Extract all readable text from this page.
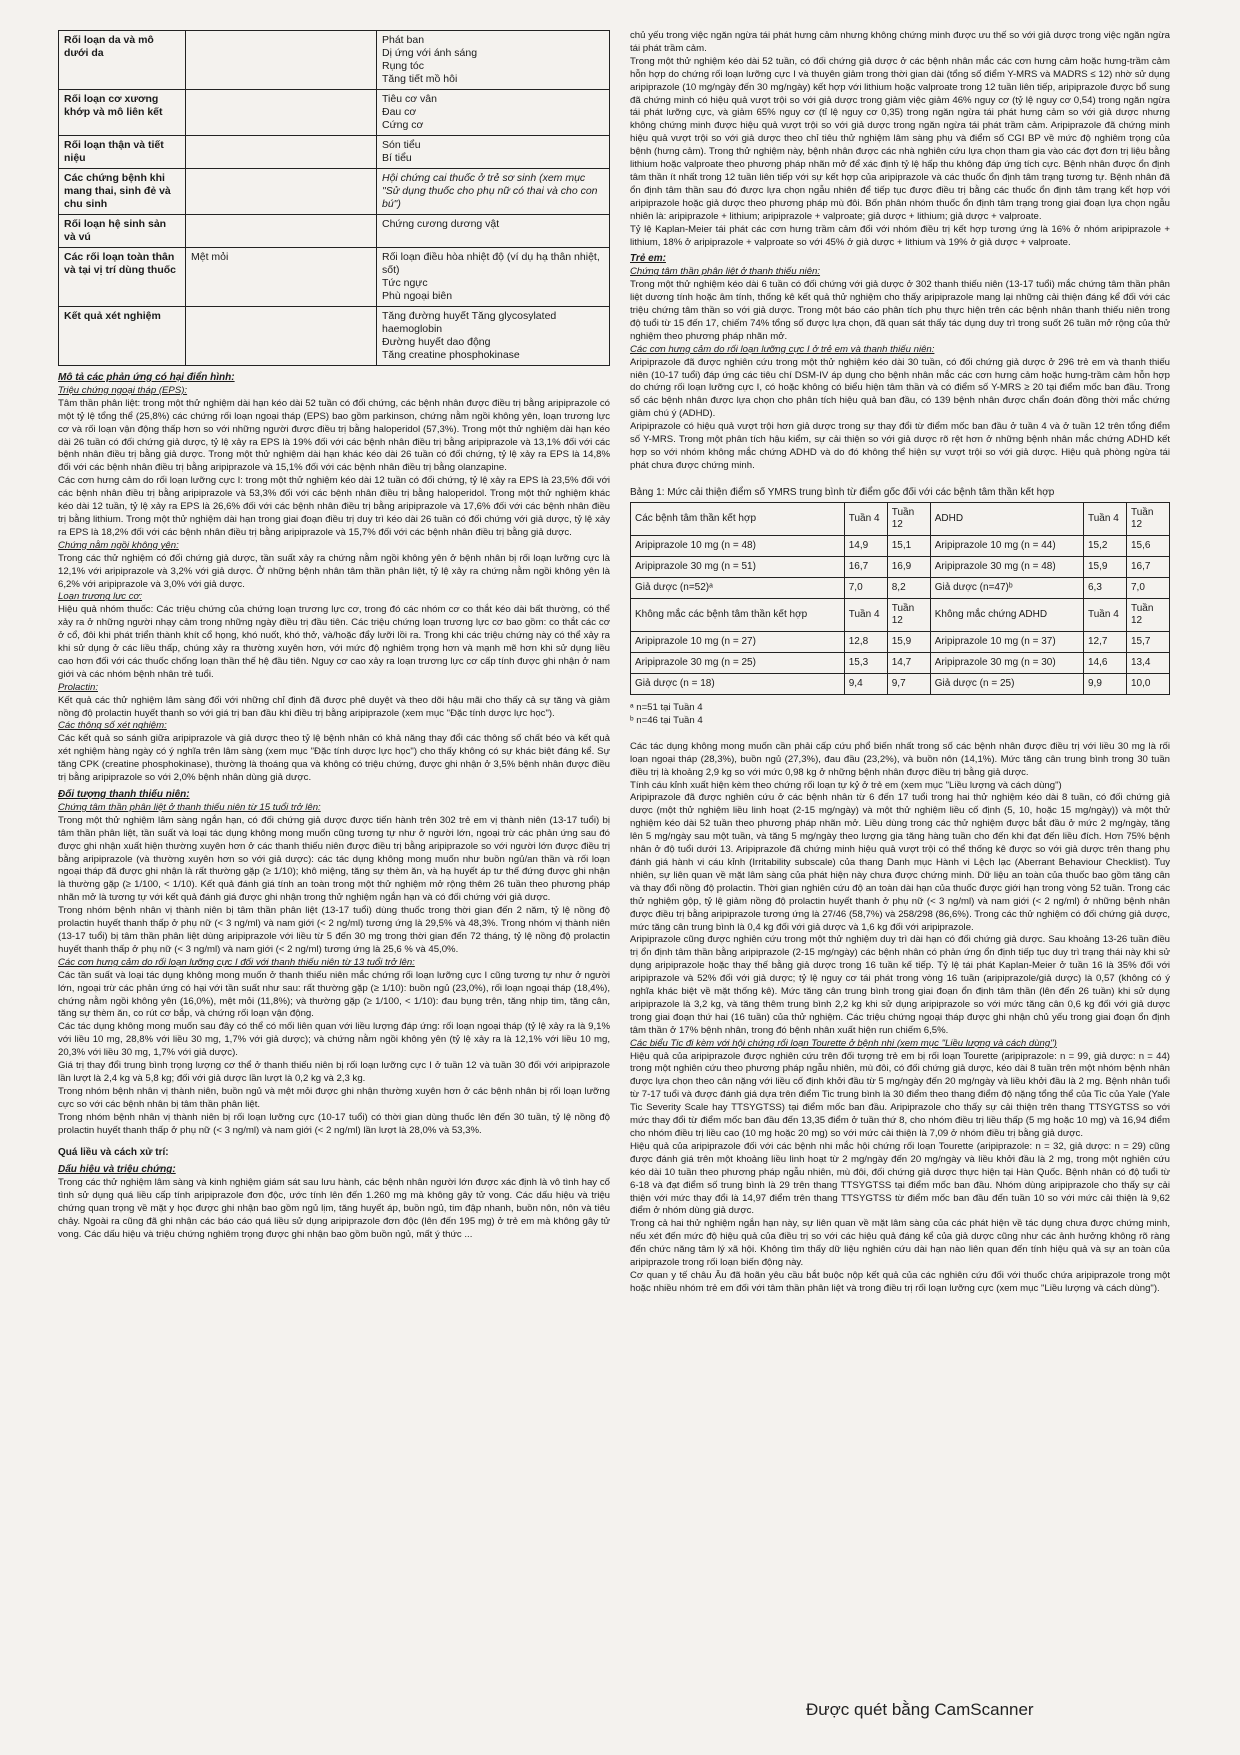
Rối loạn da và mô dưới da		Phát ban
Dị ứng với ánh sáng
Rụng tóc
Tăng tiết mồ hôi

Rối loạn cơ xương khớp và mô liên kết		Tiêu cơ vân
Đau cơ
Cứng cơ

Rối loạn thận và tiết niệu		Són tiểu
Bí tiểu

Các chứng bệnh khi mang thai, sinh đẻ và chu sinh		Hội chứng cai thuốc ở trẻ sơ sinh (xem mục "Sử dụng thuốc cho phụ nữ có thai và cho con bú")

Rối loạn hệ sinh sản và vú		Chứng cương dương vật

Các rối loạn toàn thân và tại vị trí dùng thuốc	Mệt mỏi	Rối loạn điều hòa nhiệt độ (ví dụ hạ thân nhiệt, sốt)
Tức ngực
Phù ngoại biên

Kết quả xét nghiệm		Tăng đường huyết Tăng glycosylated haemoglobin
Đường huyết dao động
Tăng creatine phosphokinase
Mô tả các phản ứng có hại điển hình:
Triệu chứng ngoại tháp (EPS):

Tâm thần phân liệt: trong một thử nghiệm dài hạn kéo dài 52 tuần có đối chứng, các bệnh nhân được điều trị bằng aripiprazole có một tỷ lệ tổng thể (25,8%) các chứng rối loạn ngoại tháp (EPS) bao gồm parkinson, chứng nằm ngồi không yên, loạn trương lực cơ và rối loạn vận động thấp hơn so với những người được điều trị bằng haloperidol (57,3%). Trong một thử nghiệm dài hạn kéo dài 26 tuần có đối chứng giả dược, tỷ lệ xảy ra EPS là 19% đối với các bệnh nhân điều trị bằng aripiprazole và 13,1% đối với các bệnh nhân điều trị bằng giả dược. Trong một thử nghiệm dài hạn khác kéo dài 26 tuần có đối chứng, tỷ lệ xảy ra EPS là 14,8% đối với các bệnh nhân điều trị bằng aripiprazole và 15,1% đối với các bệnh nhân điều trị bằng olanzapine.

Các cơn hưng cảm do rối loạn lưỡng cực I: trong một thử nghiệm kéo dài 12 tuần có đối chứng, tỷ lệ xảy ra EPS là 23,5% đối với các bệnh nhân điều trị bằng aripiprazole và 53,3% đối với các bệnh nhân điều trị bằng haloperidol. Trong một thử nghiệm khác kéo dài 12 tuần, tỷ lệ xảy ra EPS là 26,6% đối với các bệnh nhân điều trị bằng aripiprazole và 17,6% đối với các bệnh nhân điều trị bằng lithium. Trong một thử nghiệm dài hạn trong giai đoạn điều trị duy trì kéo dài 26 tuần có đối chứng với giả dược, tỷ lệ xảy ra EPS là 18,2% đối với các bệnh nhân điều trị bằng aripiprazole và 15,7% đối với các bệnh nhân điều trị bằng giả dược.

Chứng nằm ngồi không yên:

Trong các thử nghiệm có đối chứng giả dược, tần suất xảy ra chứng nằm ngồi không yên ở bệnh nhân bị rối loạn lưỡng cực là 12,1% với aripiprazole và 3,2% với giả dược. Ở những bệnh nhân tâm thần phân liệt, tỷ lệ xảy ra chứng nằm ngồi không yên là 6,2% với aripiprazole và 3,0% với giả dược.

Loạn trương lực cơ:

Hiệu quả nhóm thuốc: Các triệu chứng của chứng loạn trương lực cơ, trong đó các nhóm cơ co thắt kéo dài bất thường, có thể xảy ra ở những người nhạy cảm trong những ngày điều trị đầu tiên. Các triệu chứng loạn trương lực cơ bao gồm: co thắt các cơ ở cổ, đôi khi phát triển thành khít cổ họng, khó nuốt, khó thở, và/hoặc đẩy lưỡi lồi ra. Trong khi các triệu chứng này có thể xảy ra khi sử dụng ở các liều thấp, chúng xảy ra thường xuyên hơn, với mức độ nghiêm trọng hơn và mạnh mẽ hơn khi sử dụng liều cao hơn đối với các thuốc chống loạn thần thế hệ đầu tiên. Nguy cơ cao xảy ra loạn trương lực cơ cấp tính được ghi nhận ở nam giới và các nhóm bệnh nhân trẻ tuổi.

Prolactin:

Kết quả các thử nghiệm lâm sàng đối với những chỉ định đã được phê duyệt và theo dõi hậu mãi cho thấy cả sự tăng và giảm nồng độ prolactin huyết thanh so với giá trị ban đầu khi điều trị bằng aripiprazole (xem mục "Đặc tính dược lực học").

Các thông số xét nghiệm:

Các kết quả so sánh giữa aripiprazole và giả dược theo tỷ lệ bệnh nhân có khả năng thay đổi các thông số chất béo và kết quả xét nghiệm hàng ngày có ý nghĩa trên lâm sàng (xem mục "Đặc tính dược lực học") cho thấy không có sự khác biệt đáng kể. Sự tăng CPK (creatine phosphokinase), thường là thoáng qua và không có triệu chứng, được ghi nhận ở 3,5% bệnh nhân được điều trị bằng aripiprazole so với 2,0% bệnh nhân dùng giả dược.

Đối tượng thanh thiếu niên:
Chứng tâm thần phân liệt ở thanh thiếu niên từ 15 tuổi trở lên:

Trong một thử nghiệm lâm sàng ngắn hạn, có đối chứng giả dược được tiến hành trên 302 trẻ em vị thành niên (13-17 tuổi) bị tâm thần phân liệt, tần suất và loại tác dụng không mong muốn cũng tương tự như ở người lớn, ngoại trừ các phản ứng sau đó được ghi nhận xuất hiện thường xuyên hơn ở các thanh thiếu niên được điều trị bằng aripiprazole so với người lớn được điều trị bằng aripiprazole (và thường xuyên hơn so với giả dược): các tác dụng không mong muốn như buồn ngủ/an thần và rối loạn ngoại tháp đã được ghi nhận là rất thường gặp (≥ 1/10); khô miệng, tăng sự thèm ăn, và hạ huyết áp tư thế đứng được ghi nhận là thường gặp (≥ 1/100, < 1/10). Kết quả đánh giá tính an toàn trong một thử nghiệm mở rộng thêm 26 tuần theo phương pháp nhãn mở là tương tự với kết quả đánh giá được ghi nhận trong thử nghiệm ngắn hạn và có đối chứng với giả dược.

Trong nhóm bệnh nhân vị thành niên bị tâm thần phân liệt (13-17 tuổi) dùng thuốc trong thời gian đến 2 năm, tỷ lệ nồng độ prolactin huyết thanh thấp ở phụ nữ (< 3 ng/ml) và nam giới (< 2 ng/ml) tương ứng là 29,5% và 48,3%. Trong nhóm vị thành niên (13-17 tuổi) bị tâm thần phân liệt dùng aripiprazole với liều từ 5 đến 30 mg trong thời gian đến 72 tháng, tỷ lệ nồng độ prolactin huyết thanh thấp ở phụ nữ (< 3 ng/ml) và nam giới (< 2 ng/ml) tương ứng là 25,6 % và 45,0%.

Các cơn hưng cảm do rối loạn lưỡng cực I đối với thanh thiếu niên từ 13 tuổi trở lên:

Các tần suất và loại tác dụng không mong muốn ở thanh thiếu niên mắc chứng rối loạn lưỡng cực I cũng tương tự như ở người lớn, ngoại trừ các phản ứng có hại với tần suất như sau: rất thường gặp (≥ 1/10): buồn ngủ (23,0%), rối loạn ngoại tháp (18,4%), chứng nằm ngồi không yên (16,0%), mệt mỏi (11,8%); và thường gặp (≥ 1/100, < 1/10): đau bụng trên, tăng nhịp tim, tăng cân, tăng sự thèm ăn, co rút cơ bắp, và chứng rối loạn vận động.

Các tác dụng không mong muốn sau đây có thể có mối liên quan với liều lượng đáp ứng: rối loạn ngoại tháp (tỷ lệ xảy ra là 9,1% với liều 10 mg, 28,8% với liều 30 mg, 1,7% với giả dược); và chứng nằm ngồi không yên (tỷ lệ xảy ra là 12,1% với liều 10 mg, 20,3% với liều 30 mg, 1,7% với giả dược).

Giá trị thay đổi trung bình trọng lượng cơ thể ở thanh thiếu niên bị rối loạn lưỡng cực I ở tuần 12 và tuần 30 đối với aripiprazole lần lượt là 2,4 kg và 5,8 kg; đối với giả dược lần lượt là 0,2 kg và 2,3 kg.

Trong nhóm bệnh nhân vị thành niên, buồn ngủ và mệt mỏi được ghi nhận thường xuyên hơn ở các bệnh nhân bị rối loạn lưỡng cực so với các bệnh nhân bị tâm thần phân liệt.

Trong nhóm bệnh nhân vị thành niên bị rối loạn lưỡng cực (10-17 tuổi) có thời gian dùng thuốc lên đến 30 tuần, tỷ lệ nồng độ prolactin huyết thanh thấp ở phụ nữ (< 3 ng/ml) và nam giới (< 2 ng/ml) lần lượt là 28,0% và 53,3%.

Quá liều và cách xử trí:
Dấu hiệu và triệu chứng:

Trong các thử nghiệm lâm sàng và kinh nghiệm giám sát sau lưu hành, các bệnh nhân người lớn được xác định là vô tình hay cố tình sử dụng quá liều cấp tính aripiprazole đơn độc, ước tính lên đến 1.260 mg mà không gây tử vong. Các dấu hiệu và triệu chứng quan trọng về mặt y học được ghi nhận bao gồm ngủ lịm, tăng huyết áp, buồn ngủ, tim đập nhanh, buồn nôn, nôn và tiêu chảy. Ngoài ra cũng đã ghi nhận các báo cáo quá liều sử dụng aripiprazole đơn độc (lên đến 195 mg) ở trẻ em mà không gây tử vong. Các dấu hiệu và triệu chứng nghiêm trọng được ghi nhận bao gồm buồn ngủ, mất ý thức ...

chủ yếu trong việc ngăn ngừa tái phát hưng cảm nhưng không chứng minh được ưu thế so với giả dược trong việc ngăn ngừa tái phát trầm cảm.

Trong một thử nghiệm kéo dài 52 tuần, có đối chứng giả dược ở các bệnh nhân mắc các cơn hưng cảm hoặc hưng-trầm cảm hỗn hợp do chứng rối loạn lưỡng cực I và thuyên giảm trong thời gian dài (tổng số điểm Y-MRS và MADRS ≤ 12) nhờ sử dụng aripiprazole (10 mg/ngày đến 30 mg/ngày) kết hợp với lithium hoặc valproate trong 12 tuần liên tiếp, aripiprazole được bổ sung đã chứng minh có hiệu quả vượt trội so với giả dược trong giảm việc giảm 46% nguy cơ (tỷ lệ nguy cơ 0,54) trong ngăn ngừa tái phát lưỡng cực, và giảm 65% nguy cơ (tỉ lệ nguy cơ 0,35) trong ngăn ngừa tái phát hưng cảm so với giả dược nhưng không chứng minh được hiệu quả vượt trội so với giả dược trong ngăn ngừa tái phát trầm cảm. Aripiprazole đã chứng minh hiệu quả vượt trội so với giả dược theo chỉ tiêu thử nghiệm lâm sàng phụ và điểm số CGI BP về mức độ nghiêm trọng của bệnh (hưng cảm). Trong thử nghiệm này, bệnh nhân được các nhà nghiên cứu lựa chọn tham gia vào các đợt đơn trị liệu bằng lithium hoặc valproate theo phương pháp nhãn mở để xác định tỷ lệ hấp thu không đáp ứng tích cực. Bệnh nhân được ổn định tâm thần ít nhất trong 12 tuần liên tiếp với sự kết hợp của aripiprazole và các thuốc ổn định tâm trạng tương tự. Bệnh nhân đã ổn định tâm thần sau đó được lựa chọn ngẫu nhiên để tiếp tục được điều trị bằng các thuốc ổn định tâm trạng kết hợp với aripiprazole hoặc giả dược theo phương pháp mù đôi. Bốn phân nhóm thuốc ổn định tâm trạng trong giai đoạn lựa chọn ngẫu nhiên là: aripiprazole + lithium; aripiprazole + valproate; giả dược + lithium; giả dược + valproate.

Tỷ lệ Kaplan-Meier tái phát các cơn hưng trầm cảm đối với nhóm điều trị kết hợp tương ứng là 16% ở nhóm aripiprazole + lithium, 18% ở aripiprazole + valproate so với 45% ở giả dược + lithium và 19% ở giả dược + valproate.

Trẻ em:
Chứng tâm thần phân liệt ở thanh thiếu niên:

Trong một thử nghiệm kéo dài 6 tuần có đối chứng với giả dược ở 302 thanh thiếu niên (13-17 tuổi) mắc chứng tâm thần phân liệt dương tính hoặc âm tính, thống kê kết quả thử nghiệm cho thấy aripiprazole mang lại những cải thiện đáng kể đối với các triệu chứng tâm thần so với giả dược. Trong một báo cáo phân tích phụ thực hiện trên các bệnh nhân thanh thiếu niên trong độ tuổi từ 15 đến 17, chiếm 74% tổng số được lựa chọn, đã quan sát thấy tác dụng duy trì trong suốt 26 tuần mở rộng của thử nghiệm theo phương pháp nhãn mở.

Các cơn hưng cảm do rối loạn lưỡng cực I ở trẻ em và thanh thiếu niên:

Aripiprazole đã được nghiên cứu trong một thử nghiệm kéo dài 30 tuần, có đối chứng giả dược ở 296 trẻ em và thanh thiếu niên (10-17 tuổi) đáp ứng các tiêu chí DSM-IV áp dụng cho bệnh nhân mắc các cơn hưng cảm hoặc hưng-trầm cảm hỗn hợp do chứng rối loạn lưỡng cực I, có hoặc không có biểu hiện tâm thần và có điểm số Y-MRS ≥ 20 tại điểm mốc ban đầu. Trong số các bệnh nhân được lựa chọn cho phân tích hiệu quả ban đầu, có 139 bệnh nhân được chẩn đoán đồng thời mắc chứng giảm chú ý (ADHD).

Aripiprazole có hiệu quả vượt trội hơn giả dược trong sự thay đổi từ điểm mốc ban đầu ở tuần 4 và ở tuần 12 trên tổng điểm số Y-MRS. Trong một phân tích hậu kiểm, sự cải thiện so với giả dược rõ rệt hơn ở những bệnh nhân mắc chứng ADHD kết hợp so với nhóm không mắc chứng ADHD và do đó không thể hiện sự vượt trội so với giả dược. Hiệu quả phòng ngừa tái phát chưa được chứng minh.

Bảng 1: Mức cải thiện điểm số YMRS trung bình từ điểm gốc đối với các bệnh tâm thần kết hợp
Các bệnh tâm thần kết hợp	Tuần 4	Tuần 12	ADHD	Tuần 4	Tuần 12
Aripiprazole 10 mg (n = 48)	14,9	15,1	Aripiprazole 10 mg (n = 44)	15,2	15,6
Aripiprazole 30 mg (n = 51)	16,7	16,9	Aripiprazole 30 mg (n = 48)	15,9	16,7
Giả dược (n=52)ᵃ	7,0	8,2	Giả dược (n=47)ᵇ	6,3	7,0
Không mắc các bệnh tâm thần kết hợp	Tuần 4	Tuần 12	Không mắc chứng ADHD	Tuần 4	Tuần 12
Aripiprazole 10 mg (n = 27)	12,8	15,9	Aripiprazole 10 mg (n = 37)	12,7	15,7
Aripiprazole 30 mg (n = 25)	15,3	14,7	Aripiprazole 30 mg (n = 30)	14,6	13,4
Giả dược (n = 18)	9,4	9,7	Giả dược (n = 25)	9,9	10,0
ᵃ n=51 tại Tuần 4
ᵇ n=46 tại Tuần 4

Các tác dụng không mong muốn cần phải cấp cứu phổ biến nhất trong số các bệnh nhân được điều trị với liều 30 mg là rối loạn ngoại tháp (28,3%), buồn ngủ (27,3%), đau đầu (23,2%), và buồn nôn (14,1%). Mức tăng cân trung bình trong 30 tuần điều trị là khoảng 2,9 kg so với mức 0,98 kg ở những bệnh nhân được điều trị bằng giả dược.

Tính cáu kỉnh xuất hiện kèm theo chứng rối loạn tự kỷ ở trẻ em (xem mục "Liều lượng và cách dùng")

Aripiprazole đã được nghiên cứu ở các bệnh nhân từ 6 đến 17 tuổi trong hai thử nghiệm kéo dài 8 tuần, có đối chứng giả dược (một thử nghiệm liều linh hoạt (2-15 mg/ngày) và một thử nghiệm liều cố định (5, 10, hoặc 15 mg/ngày)) và một thử nghiệm kéo dài 52 tuần theo phương pháp nhãn mở. Liều dùng trong các thử nghiệm được bắt đầu ở mức 2 mg/ngày, tăng lên 5 mg/ngày sau một tuần, và tăng 5 mg/ngày theo lượng gia tăng hàng tuần cho đến khi đạt đến liều đích. Hơn 75% bệnh nhân ở độ tuổi dưới 13. Aripiprazole đã chứng minh hiệu quả vượt trội có thể thống kê được so với giả dược trên thang phụ đánh giá hành vi cáu kỉnh (Irritability subscale) của thang Danh mục Hành vi Lệch lạc (Aberrant Behaviour Checklist). Tuy nhiên, sự liên quan về mặt lâm sàng của phát hiện này chưa được chứng minh. Dữ liệu an toàn của thuốc bao gồm tăng cân và thay đổi nồng độ prolactin. Thời gian nghiên cứu độ an toàn dài hạn của thuốc được giới hạn trong vòng 52 tuần. Trong các thử nghiệm gộp, tỷ lệ giảm nồng độ prolactin huyết thanh ở phụ nữ (< 3 ng/ml) và nam giới (< 2 ng/ml) ở những bệnh nhân được điều trị bằng aripiprazole tương ứng là 27/46 (58,7%) và 258/298 (86,6%). Trong các thử nghiệm có đối chứng giả dược, mức tăng cân trung bình là 0,4 kg đối với giả dược và 1,6 kg đối với aripiprazole.

Aripiprazole cũng được nghiên cứu trong một thử nghiệm duy trì dài hạn có đối chứng giả dược. Sau khoảng 13-26 tuần điều trị ổn định tâm thần bằng aripiprazole (2-15 mg/ngày) các bệnh nhân có phản ứng ổn định tiếp tục duy trì trạng thái này khi sử dụng aripiprazole hoặc thay thế bằng giả dược trong 16 tuần kế tiếp. Tỷ lệ tái phát Kaplan-Meier ở tuần 16 là 35% đối với aripiprazole và 52% đối với giả dược; tỷ lệ nguy cơ tái phát trong vòng 16 tuần (aripiprazole/giả dược) là 0,57 (không có ý nghĩa khác biệt về mặt thống kê). Mức tăng cân trung bình trong giai đoạn ổn định tâm thần (lên đến 26 tuần) khi sử dụng aripiprazole là 3,2 kg, và tăng thêm trung bình 2,2 kg khi sử dụng aripiprazole so với mức tăng cân 0,6 kg đối với giả dược trong giai đoạn thứ hai (16 tuần) của thử nghiệm. Các triệu chứng ngoại tháp được ghi nhận chủ yếu trong giai đoạn ổn định tâm thần ở 17% bệnh nhân, trong đó bệnh nhân xuất hiện run chiếm 6,5%.

Các biểu Tic đi kèm với hội chứng rối loạn Tourette ở bệnh nhi (xem mục "Liều lượng và cách dùng")

Hiệu quả của aripiprazole được nghiên cứu trên đối tượng trẻ em bị rối loạn Tourette (aripiprazole: n = 99, giả dược: n = 44) trong một nghiên cứu theo phương pháp ngẫu nhiên, mù đôi, có đối chứng giả dược, kéo dài 8 tuần trên một nhóm bệnh nhân được lựa chọn theo cân nặng với liều cố định khởi đầu từ 5 mg/ngày đến 20 mg/ngày và liều khởi đầu là 2 mg. Bệnh nhân tuổi từ 7-17 tuổi và được đánh giá dựa trên điểm Tic trung bình là 30 điểm theo thang điểm độ nặng tổng thể của Tic của Yale (Yale Tic Severity Scale hay TTSYGTSS) tại điểm mốc ban đầu. Aripiprazole cho thấy sự cải thiện trên thang TTSYGTSS so với mức thay đổi từ điểm mốc ban đầu đến 13,35 điểm ở tuần thứ 8, cho nhóm điều trị liều thấp (5 mg hoặc 10 mg) và 16,94 điểm cho nhóm điều trị liều cao (10 mg hoặc 20 mg) so với mức cải thiện là 7,09 ở nhóm điều trị bằng giả dược.

Hiệu quả của aripiprazole đối với các bệnh nhi mắc hội chứng rối loạn Tourette (aripiprazole: n = 32, giả dược: n = 29) cũng được đánh giá trên một khoảng liều linh hoạt từ 2 mg/ngày đến 20 mg/ngày và liều khởi đầu là 2 mg, trong một nghiên cứu kéo dài 10 tuần theo phương pháp ngẫu nhiên, mù đôi, đối chứng giả dược thực hiện tại Hàn Quốc. Bệnh nhân có độ tuổi từ 6-18 và đạt điểm số trung bình là 29 trên thang TTSYGTSS tại điểm mốc ban đầu. Nhóm dùng aripiprazole cho thấy sự cải thiện với mức thay đổi là 14,97 điểm trên thang TTSYGTSS từ điểm mốc ban đầu đến tuần 10 so với mức cải thiện là 9,62 điểm ở nhóm dùng giả dược.

Trong cả hai thử nghiệm ngắn hạn này, sự liên quan về mặt lâm sàng của các phát hiện về tác dụng chưa được chứng minh, nếu xét đến mức độ hiệu quả của điều trị so với các hiệu quả đáng kể của giả dược cũng như các ảnh hưởng không rõ ràng đến chức năng tâm lý xã hội. Không tìm thấy dữ liệu nghiên cứu dài hạn nào liên quan đến tính hiệu quả và sự an toàn của aripiprazole trong rối loạn biến động này.

Cơ quan y tế châu Âu đã hoãn yêu cầu bắt buộc nộp kết quả của các nghiên cứu đối với thuốc chứa aripiprazole trong một hoặc nhiều nhóm trẻ em đối với tâm thần phân liệt và trong điều trị rối loạn lưỡng cực (xem mục "Liều lượng và cách dùng").

Được quét bằng CamScanner
